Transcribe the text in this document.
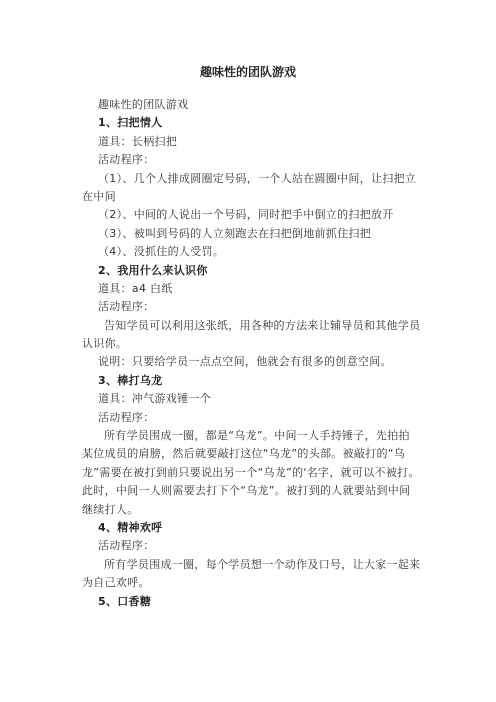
趣味性的团队游戏
趣味性的团队游戏
1、扫把情人
道具：长柄扫把
活动程序：
（1）、几个人排成圆圈定号码，一个人站在圆圈中间，让扫把立
在中间
（2）、中间的人说出一个号码，同时把手中倒立的扫把放开
（3）、被叫到号码的人立刻跑去在扫把倒地前抓住扫把
（4）、没抓住的人受罚。
2、我用什么来认识你
道具：a4 白纸
活动程序：
告知学员可以利用这张纸，用各种的方法来让辅导员和其他学员
认识你。
说明：只要给学员一点点空间，他就会有很多的创意空间。
3、棒打乌龙
道具：冲气游戏锤一个
活动程序：
所有学员围成一圈，都是“乌龙”。中间一人手持锤子，先拍拍
某位成员的肩膀，然后就要敲打这位“乌龙”的头部。被敲打的“乌
龙”需要在被打到前只要说出另一个“乌龙”的'名字，就可以不被打。
此时，中间一人则需要去打下个“乌龙”。被打到的人就要站到中间
继续打人。
4、精神欢呼
活动程序：
所有学员围成一圈，每个学员想一个动作及口号，让大家一起来
为自己欢呼。
5、口香糖
